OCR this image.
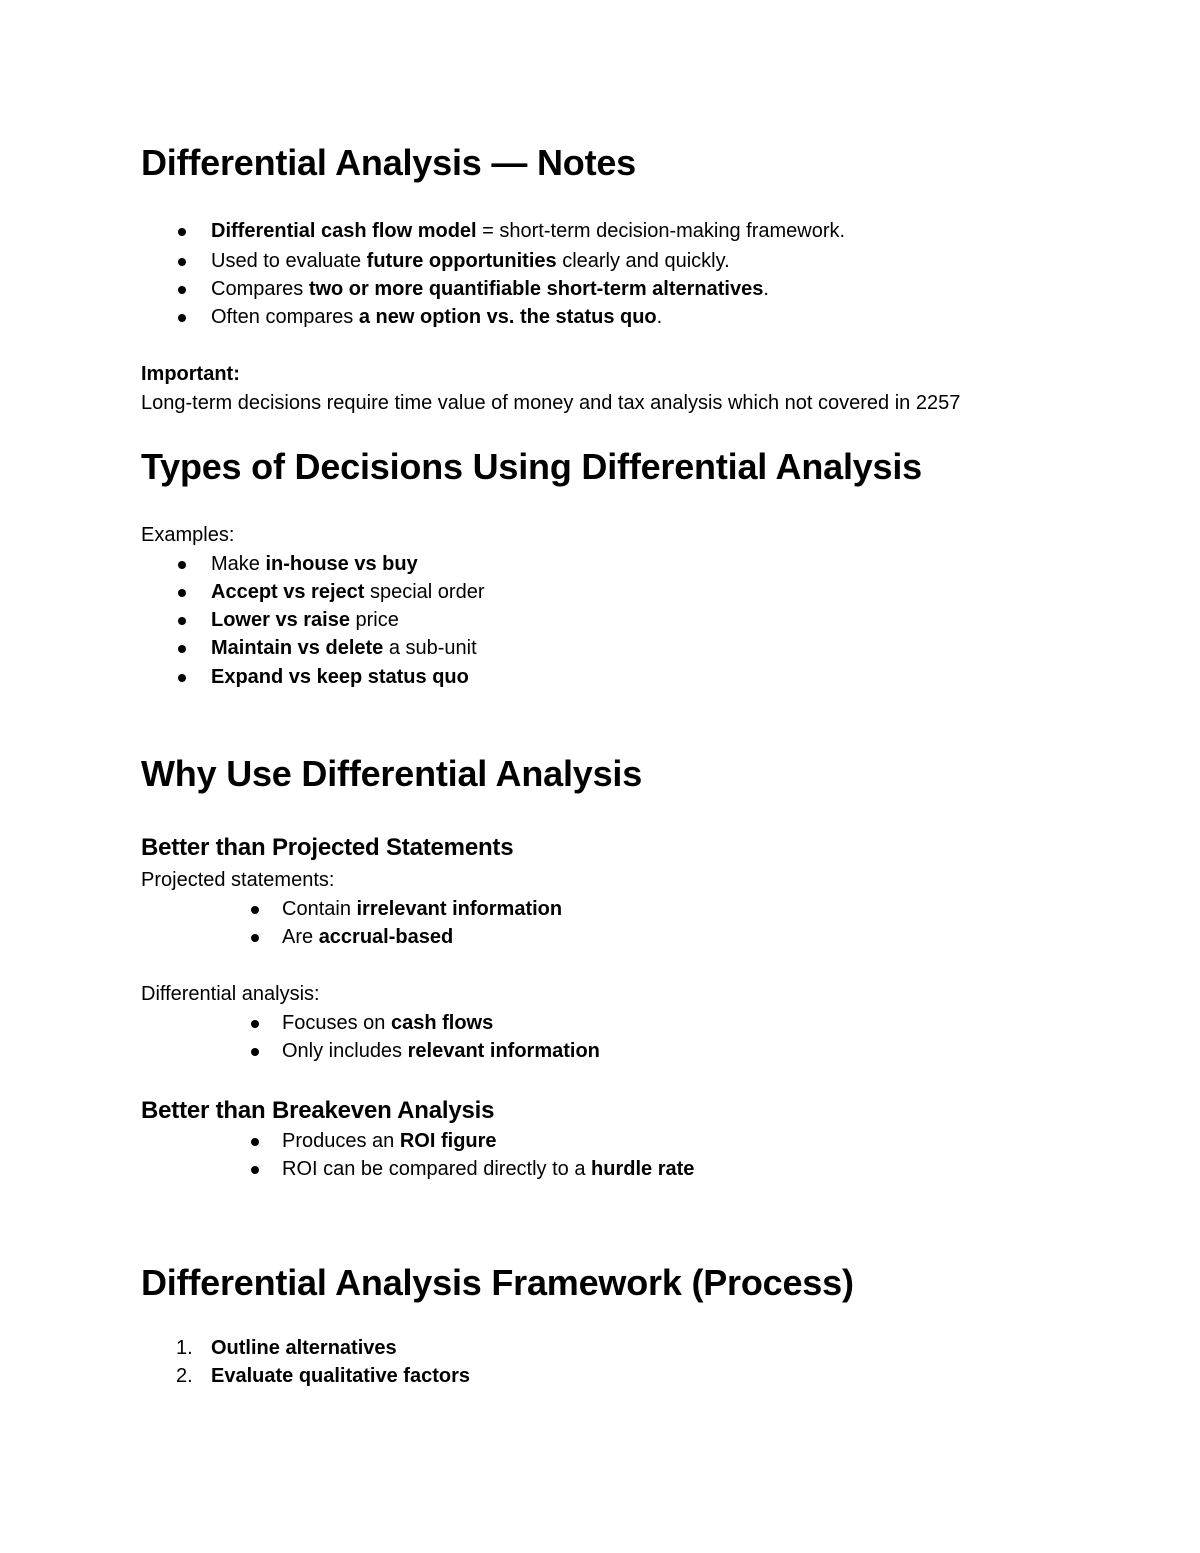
Differential Analysis — Notes
Differential cash flow model = short-term decision-making framework.
Used to evaluate future opportunities clearly and quickly.
Compares two or more quantifiable short-term alternatives.
Often compares a new option vs. the status quo.
Important:
Long-term decisions require time value of money and tax analysis which not covered in 2257
Types of Decisions Using Differential Analysis
Examples:
Make in-house vs buy
Accept vs reject special order
Lower vs raise price
Maintain vs delete a sub-unit
Expand vs keep status quo
Why Use Differential Analysis
Better than Projected Statements
Projected statements:
Contain irrelevant information
Are accrual-based
Differential analysis:
Focuses on cash flows
Only includes relevant information
Better than Breakeven Analysis
Produces an ROI figure
ROI can be compared directly to a hurdle rate
Differential Analysis Framework (Process)
1. Outline alternatives
2. Evaluate qualitative factors
